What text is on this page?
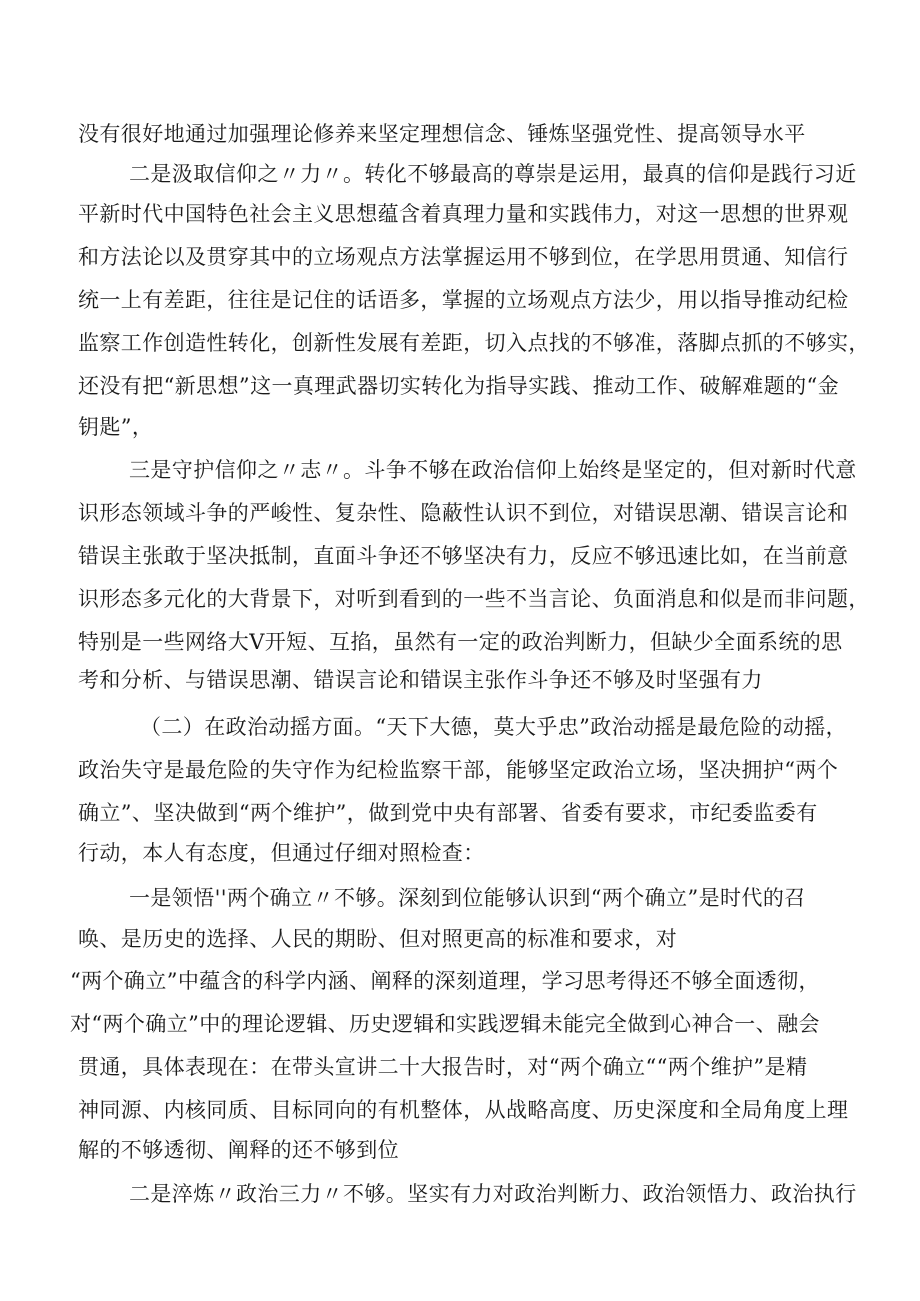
没有很好地通过加强理论修养来坚定理想信念、锤炼坚强党性、提高领导水平
二是汲取信仰之〃力〃。转化不够最高的尊崇是运用，最真的信仰是践行习近
平新时代中国特色社会主义思想蕴含着真理力量和实践伟力，对这一思想的世界观
和方法论以及贯穿其中的立场观点方法掌握运用不够到位，在学思用贯通、知信行
统一上有差距，往往是记住的话语多，掌握的立场观点方法少，用以指导推动纪检
监察工作创造性转化，创新性发展有差距，切入点找的不够准，落脚点抓的不够实，
还没有把“新思想”这一真理武器切实转化为指导实践、推动工作、破解难题的“金
钥匙”，
三是守护信仰之〃志〃。斗争不够在政治信仰上始终是坚定的，但对新时代意
识形态领域斗争的严峻性、复杂性、隐蔽性认识不到位，对错误思潮、错误言论和
错误主张敢于坚决抵制，直面斗争还不够坚决有力，反应不够迅速比如，在当前意
识形态多元化的大背景下，对听到看到的一些不当言论、负面消息和似是而非问题，
特别是一些网络大V开短、互掐，虽然有一定的政治判断力，但缺少全面系统的思
考和分析、与错误思潮、错误言论和错误主张作斗争还不够及时坚强有力
（二）在政治动摇方面。“天下大德，莫大乎忠”政治动摇是最危险的动摇，
政治失守是最危险的失守作为纪检监察干部，能够坚定政治立场，坚决拥护“两个
确立”、坚决做到“两个维护”，做到党中央有部署、省委有要求，市纪委监委有
行动，本人有态度，但通过仔细对照检查：
一是领悟''两个确立〃不够。深刻到位能够认识到“两个确立”是时代的召
唤、是历史的选择、人民的期盼、但对照更高的标准和要求，对
“两个确立”中蕴含的科学内涵、阐释的深刻道理，学习思考得还不够全面透彻，
对“两个确立”中的理论逻辑、历史逻辑和实践逻辑未能完全做到心神合一、融会
贯通，具体表现在：在带头宣讲二十大报告时，对“两个确立““两个维护”是精
神同源、内核同质、目标同向的有机整体，从战略高度、历史深度和全局角度上理
解的不够透彻、阐释的还不够到位
二是淬炼〃政治三力〃不够。坚实有力对政治判断力、政治领悟力、政治执行
